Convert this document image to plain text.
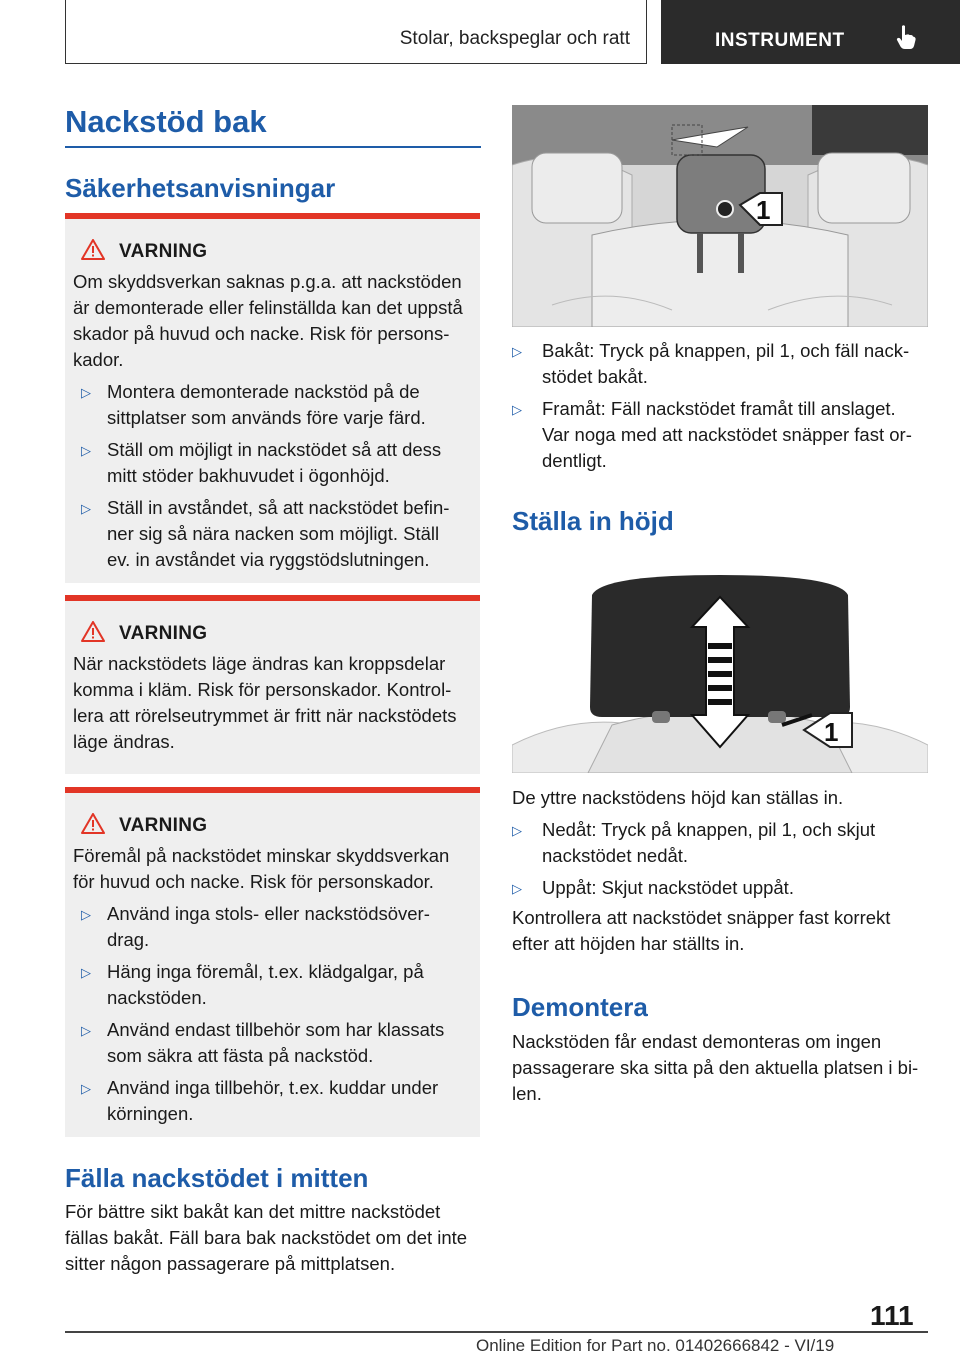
Stolar, backspeglar och ratt	INSTRUMENT
Nackstöd bak
Säkerhetsanvisningar
VARNING

Om skyddsverkan saknas p.g.a. att nackstöden är demonterade eller felinställda kan det uppstå skador på huvud och nacke. Risk för persons-kador.

▷ Montera demonterade nackstöd på de sittplatser som används före varje färd.
▷ Ställ om möjligt in nackstödet så att dess mitt stöder bakhuvudet i ögonhöjd.
▷ Ställ in avståndet, så att nackstödet befin-ner sig så nära nacken som möjligt. Ställ ev. in avståndet via ryggstödslutningen.
VARNING

När nackstödets läge ändras kan kroppsdelar komma i kläm. Risk för personskador. Kontrol-lera att rörelseutrymmet är fritt när nackstödets läge ändras.

VARNING

Föremål på nackstödet minskar skyddsverkan för huvud och nacke. Risk för personskador.

▷ Använd inga stols- eller nackstödsöver-drag.
▷ Häng inga föremål, t.ex. klädgalgar, på nackstöden.
▷ Använd endast tillbehör som har klassats som säkra att fästa på nackstöd.
▷ Använd inga tillbehör, t.ex. kuddar under körningen.
Fälla nackstödet i mitten
För bättre sikt bakåt kan det mittre nackstödet fällas bakåt. Fäll bara bak nackstödet om det inte sitter någon passagerare på mittplatsen.
1
▷	Bakåt: Tryck på knappen, pil 1, och fäll nack-stödet bakåt.
▷	Framåt: Fäll nackstödet framåt till anslaget. Var noga med att nackstödet snäpper fast or-dentligt.
Ställa in höjd
1
De yttre nackstödens höjd kan ställas in.
▷	Nedåt: Tryck på knappen, pil 1, och skjut nackstödet nedåt.
▷	Uppåt: Skjut nackstödet uppåt.
Kontrollera att nackstödet snäpper fast korrekt efter att höjden har ställts in.
Demontera
Nackstöden får endast demonteras om ingen passagerare ska sitta på den aktuella platsen i bi-len.
111
Online Edition for Part no. 01402666842 - VI/19
